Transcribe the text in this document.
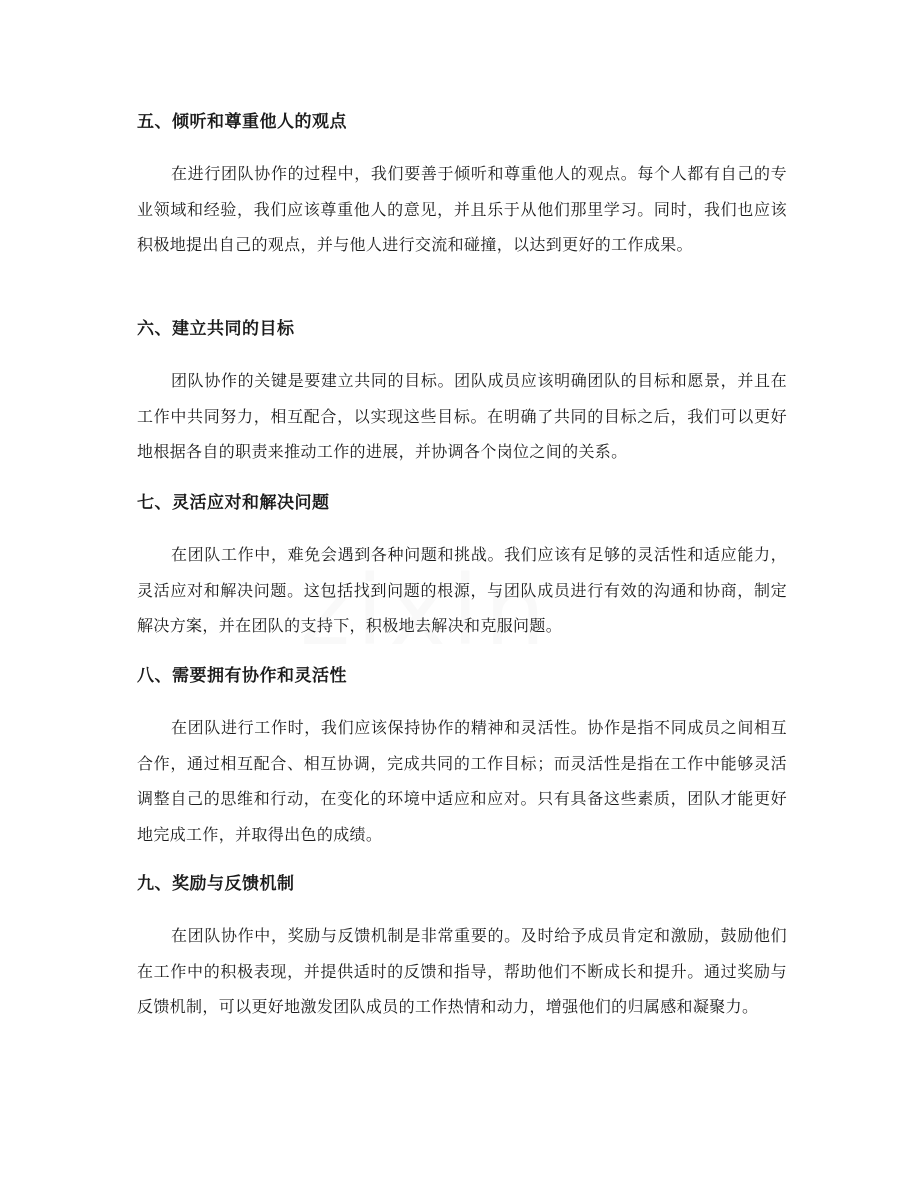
五、倾听和尊重他人的观点

在进行团队协作的过程中，我们要善于倾听和尊重他人的观点。每个人都有自己的专业领域和经验，我们应该尊重他人的意见，并且乐于从他们那里学习。同时，我们也应该积极地提出自己的观点，并与他人进行交流和碰撞，以达到更好的工作成果。

六、建立共同的目标

团队协作的关键是要建立共同的目标。团队成员应该明确团队的目标和愿景，并且在工作中共同努力，相互配合，以实现这些目标。在明确了共同的目标之后，我们可以更好地根据各自的职责来推动工作的进展，并协调各个岗位之间的关系。

七、灵活应对和解决问题

在团队工作中，难免会遇到各种问题和挑战。我们应该有足够的灵活性和适应能力，灵活应对和解决问题。这包括找到问题的根源，与团队成员进行有效的沟通和协商，制定解决方案，并在团队的支持下，积极地去解决和克服问题。

八、需要拥有协作和灵活性

在团队进行工作时，我们应该保持协作的精神和灵活性。协作是指不同成员之间相互合作，通过相互配合、相互协调，完成共同的工作目标；而灵活性是指在工作中能够灵活调整自己的思维和行动，在变化的环境中适应和应对。只有具备这些素质，团队才能更好地完成工作，并取得出色的成绩。

九、奖励与反馈机制

在团队协作中，奖励与反馈机制是非常重要的。及时给予成员肯定和激励，鼓励他们在工作中的积极表现，并提供适时的反馈和指导，帮助他们不断成长和提升。通过奖励与反馈机制，可以更好地激发团队成员的工作热情和动力，增强他们的归属感和凝聚力。
